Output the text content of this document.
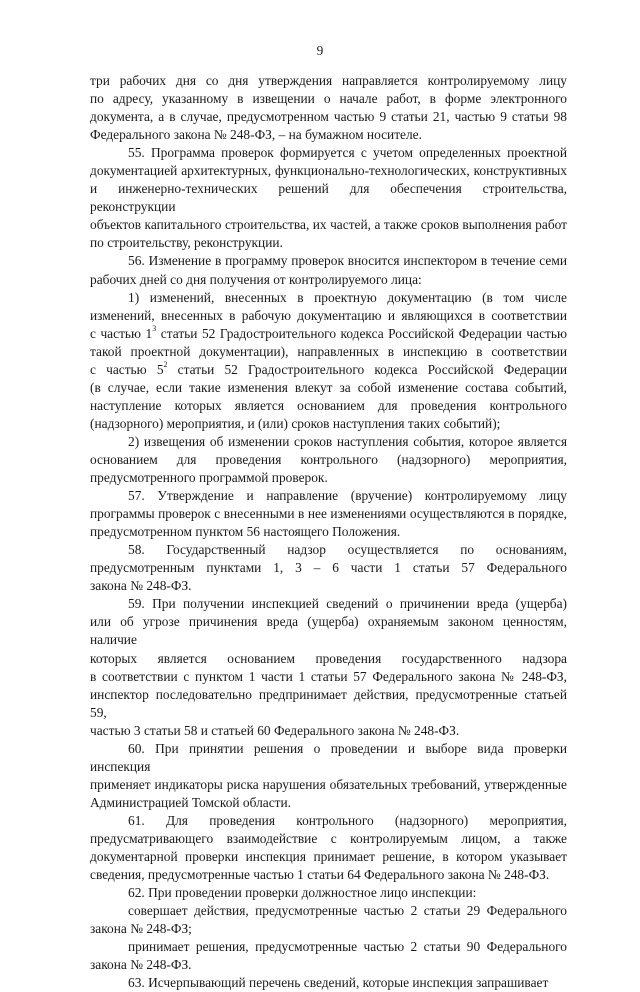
9
три рабочих дня со дня утверждения направляется контролируемому лицу
по адресу, указанному в извещении о начале работ, в форме электронного
документа, а в случае, предусмотренном частью 9 статьи 21, частью 9 статьи 98
Федерального закона № 248-ФЗ, – на бумажном носителе.
55. Программа проверок формируется с учетом определенных проектной
документацией архитектурных, функционально-технологических, конструктивных
и инженерно-технических решений для обеспечения строительства, реконструкции
объектов капитального строительства, их частей, а также сроков выполнения работ
по строительству, реконструкции.
56. Изменение в программу проверок вносится инспектором в течение семи
рабочих дней со дня получения от контролируемого лица:
1) изменений, внесенных в проектную документацию (в том числе
изменений, внесенных в рабочую документацию и являющихся в соответствии
с частью $1^3$ статьи 52 Градостроительного кодекса Российской Федерации частью
такой проектной документации), направленных в инспекцию в соответствии
с частью $5^2$ статьи 52 Градостроительного кодекса Российской Федерации
(в случае, если такие изменения влекут за собой изменение состава событий,
наступление которых является основанием для проведения контрольного
(надзорного) мероприятия, и (или) сроков наступления таких событий);
2) извещения об изменении сроков наступления события, которое является
основанием для проведения контрольного (надзорного) мероприятия,
предусмотренного программой проверок.
57. Утверждение и направление (вручение) контролируемому лицу
программы проверок с внесенными в нее изменениями осуществляются в порядке,
предусмотренном пунктом 56 настоящего Положения.
58. Государственный надзор осуществляется по основаниям,
предусмотренным пунктами 1, 3 – 6 части 1 статьи 57 Федерального
закона № 248-ФЗ.
59. При получении инспекцией сведений о причинении вреда (ущерба)
или об угрозе причинения вреда (ущерба) охраняемым законом ценностям, наличие
которых является основанием проведения государственного надзора
в соответствии с пунктом 1 части 1 статьи 57 Федерального закона № 248-ФЗ,
инспектор последовательно предпринимает действия, предусмотренные статьей 59,
частью 3 статьи 58 и статьей 60 Федерального закона № 248-ФЗ.
60. При принятии решения о проведении и выборе вида проверки инспекция
применяет индикаторы риска нарушения обязательных требований, утвержденные
Администрацией Томской области.
61. Для проведения контрольного (надзорного) мероприятия,
предусматривающего взаимодействие с контролируемым лицом, а также
документарной проверки инспекция принимает решение, в котором указывает
сведения, предусмотренные частью 1 статьи 64 Федерального закона № 248-ФЗ.
62. При проведении проверки должностное лицо инспекции:
совершает действия, предусмотренные частью 2 статьи 29 Федерального
закона № 248-ФЗ;
принимает решения, предусмотренные частью 2 статьи 90 Федерального
закона № 248-ФЗ.
63. Исчерпывающий перечень сведений, которые инспекция запрашивает
